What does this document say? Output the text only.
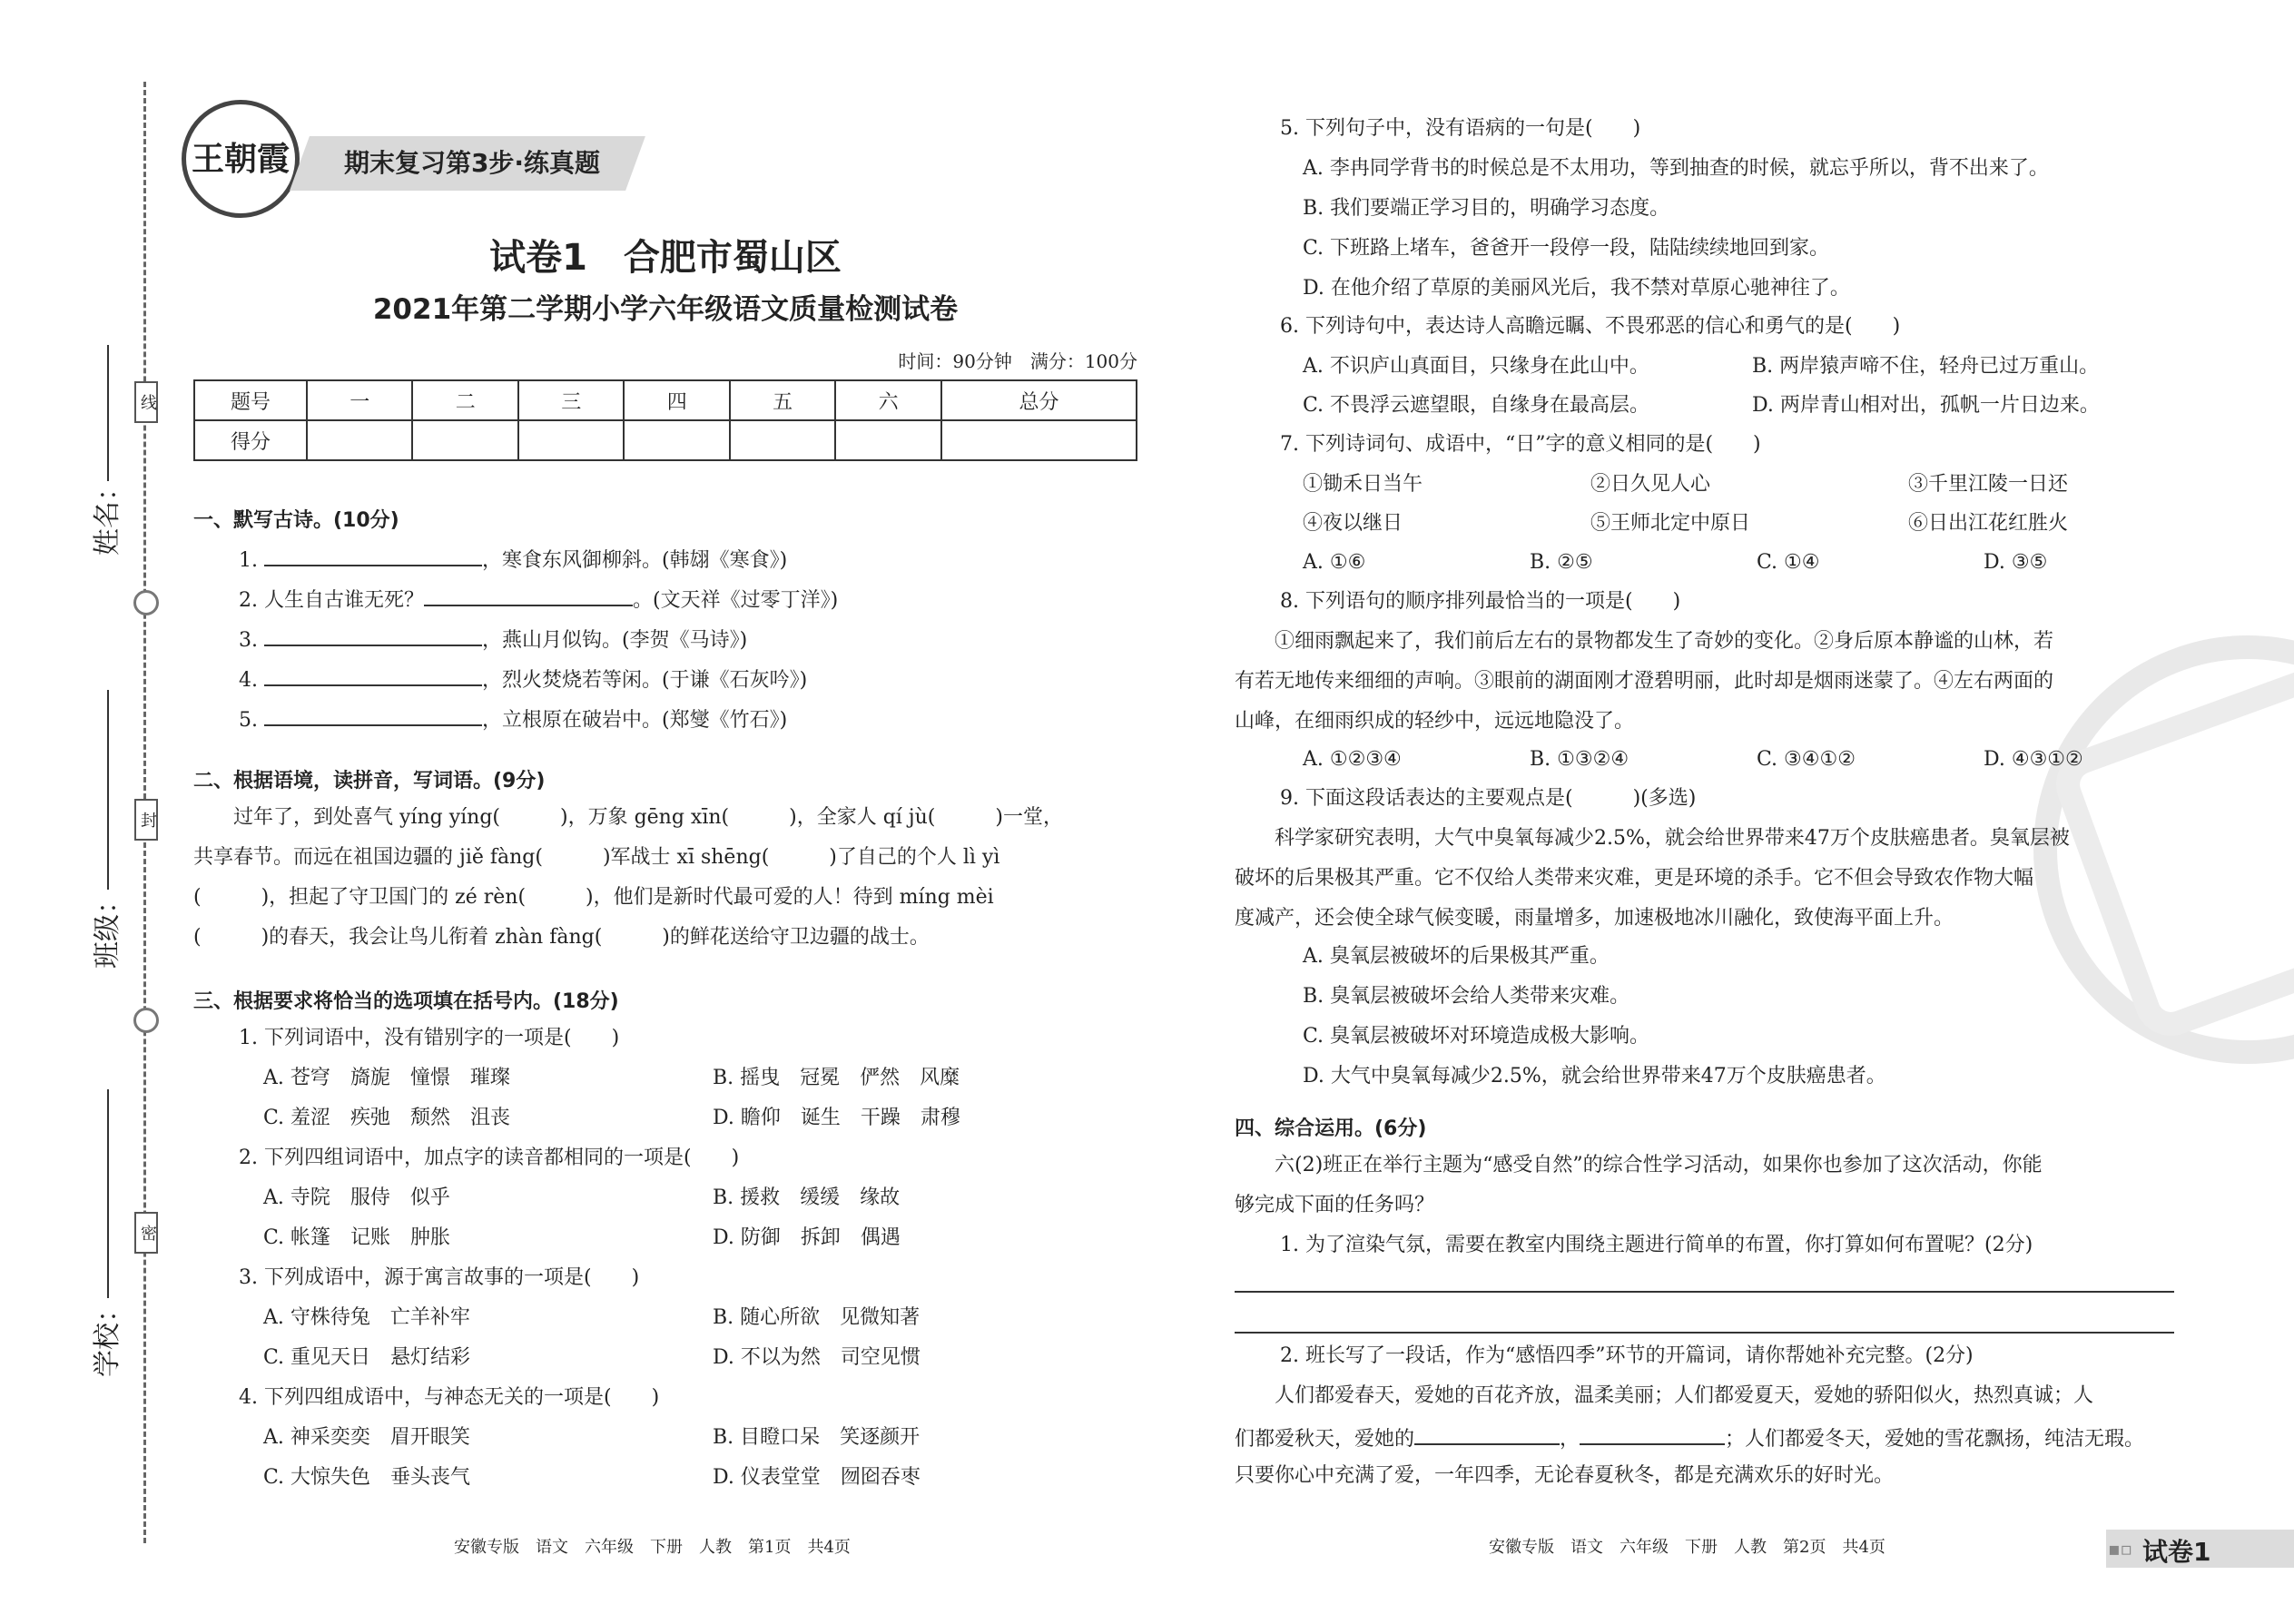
线
封
密
姓名：
班级：
学校：
王朝霞	期末复习第3步·练真题
试卷1　合肥市蜀山区
2021年第二学期小学六年级语文质量检测试卷
时间：90分钟　满分：100分
题号	一	二	三	四	五	六	总分
得分							
一、默写古诗。(10分)
1.	，寒食东风御柳斜。(韩翃《寒食》)
2. 人生自古谁无死？	。(文天祥《过零丁洋》)
3.	，燕山月似钩。(李贺《马诗》)
4.	，烈火焚烧若等闲。(于谦《石灰吟》)
5.	，立根原在破岩中。(郑燮《竹石》)
二、根据语境，读拼音，写词语。(9分)
　　过年了，到处喜气 yíng yíng(　　　)，万象 gēng xīn(　　　)，全家人 qí jù(　　　)一堂，
共享春节。而远在祖国边疆的 jiě fàng(　　　)军战士 xī shēng(　　　)了自己的个人 lì yì
(　　　)，担起了守卫国门的 zé rèn(　　　)，他们是新时代最可爱的人！待到 míng mèi
(　　　)的春天，我会让鸟儿衔着 zhàn fàng(　　　)的鲜花送给守卫边疆的战士。
三、根据要求将恰当的选项填在括号内。(18分)
1. 下列词语中，没有错别字的一项是(　　)
A. 苍穹　旖旎　憧憬　璀璨	B. 摇曳　冠冕　俨然　风糜
C. 羞涩　疾弛　颓然　沮丧	D. 瞻仰　诞生　干躁　肃穆
2. 下列四组词语中，加点字的读音都相同的一项是(　　)
A. 寺院　服侍　似乎	B. 援救　缓缓　缘故
C. 帐篷　记账　肿胀	D. 防御　拆卸　偶遇
3. 下列成语中，源于寓言故事的一项是(　　)
A. 守株待兔　亡羊补牢	B. 随心所欲　见微知著
C. 重见天日　悬灯结彩	D. 不以为然　司空见惯
4. 下列四组成语中，与神态无关的一项是(　　)
A. 神采奕奕　眉开眼笑	B. 目瞪口呆　笑逐颜开
C. 大惊失色　垂头丧气	D. 仪表堂堂　囫囵吞枣
安徽专版　语文　六年级　下册　人教　第1页　共4页
5. 下列句子中，没有语病的一句是(　　)
A. 李冉同学背书的时候总是不太用功，等到抽查的时候，就忘乎所以，背不出来了。
B. 我们要端正学习目的，明确学习态度。
C. 下班路上堵车，爸爸开一段停一段，陆陆续续地回到家。
D. 在他介绍了草原的美丽风光后，我不禁对草原心驰神往了。
6. 下列诗句中，表达诗人高瞻远瞩、不畏邪恶的信心和勇气的是(　　)
A. 不识庐山真面目，只缘身在此山中。	B. 两岸猿声啼不住，轻舟已过万重山。
C. 不畏浮云遮望眼，自缘身在最高层。	D. 两岸青山相对出，孤帆一片日边来。
7. 下列诗词句、成语中，“日”字的意义相同的是(　　)
①锄禾日当午	②日久见人心	③千里江陵一日还
④夜以继日	⑤王师北定中原日	⑥日出江花红胜火
A. ①⑥	B. ②⑤	C. ①④	D. ③⑤
8. 下列语句的顺序排列最恰当的一项是(　　)
　　①细雨飘起来了，我们前后左右的景物都发生了奇妙的变化。②身后原本静谧的山林，若
有若无地传来细细的声响。③眼前的湖面刚才澄碧明丽，此时却是烟雨迷蒙了。④左右两面的
山峰，在细雨织成的轻纱中，远远地隐没了。
A. ①②③④	B. ①③②④	C. ③④①②	D. ④③①②
9. 下面这段话表达的主要观点是(　　　)(多选)
　　科学家研究表明，大气中臭氧每减少2.5%，就会给世界带来47万个皮肤癌患者。臭氧层被
破坏的后果极其严重。它不仅给人类带来灾难，更是环境的杀手。它不但会导致农作物大幅
度减产，还会使全球气候变暖，雨量增多，加速极地冰川融化，致使海平面上升。
A. 臭氧层被破坏的后果极其严重。
B. 臭氧层被破坏会给人类带来灾难。
C. 臭氧层被破坏对环境造成极大影响。
D. 大气中臭氧每减少2.5%，就会给世界带来47万个皮肤癌患者。
四、综合运用。(6分)
　　六(2)班正在举行主题为“感受自然”的综合性学习活动，如果你也参加了这次活动，你能
够完成下面的任务吗？
1. 为了渲染气氛，需要在教室内围绕主题进行简单的布置，你打算如何布置呢？(2分)
2. 班长写了一段话，作为“感悟四季”环节的开篇词，请你帮她补充完整。(2分)
　　人们都爱春天，爱她的百花齐放，温柔美丽；人们都爱夏天，爱她的骄阳似火，热烈真诚；人
们都爱秋天，爱她的	，	；人们都爱冬天，爱她的雪花飘扬，纯洁无瑕。
只要你心中充满了爱，一年四季，无论春夏秋冬，都是充满欢乐的好时光。
安徽专版　语文　六年级　下册　人教　第2页　共4页	▪▫ 试卷1
